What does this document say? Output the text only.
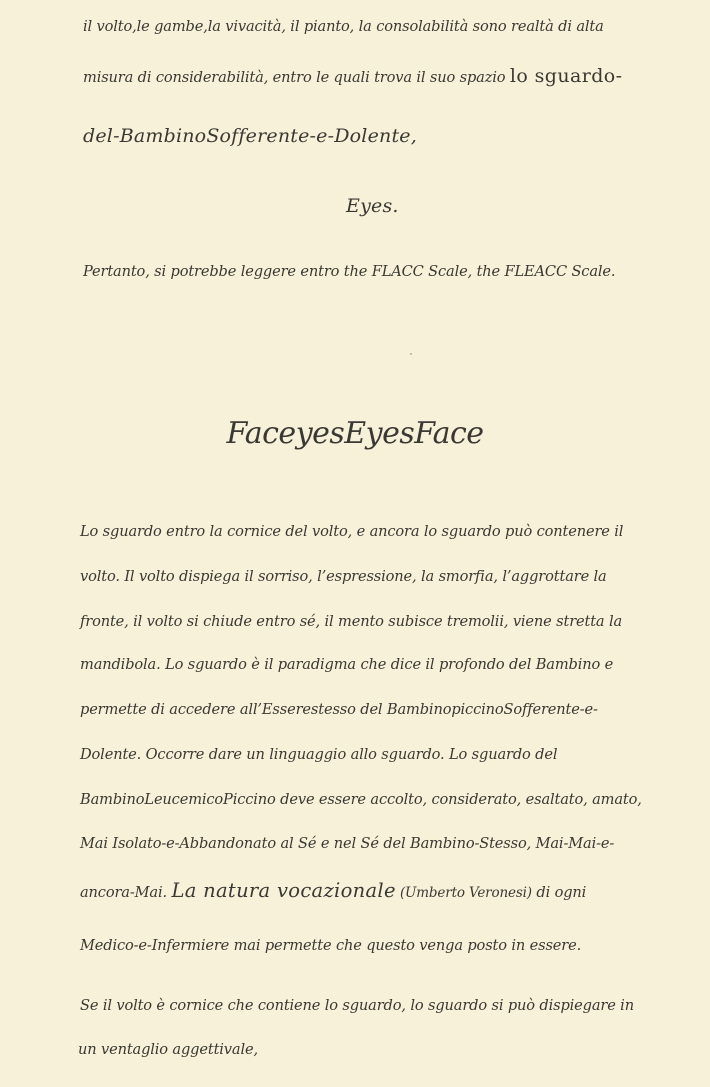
il volto,le gambe,la vivacità, il pianto, la consolabilità sono realtà di alta
misura di considerabilità, entro le quali trova il suo spazio lo sguardo-
del-BambinoSofferente-e-Dolente,
Eyes.
Pertanto, si potrebbe leggere entro the FLACC Scale, the FLEACC Scale.
FaceyesEyesFace
Lo sguardo entro la cornice del volto, e ancora lo sguardo può contenere il
volto. Il volto dispiega il sorriso, l’espressione, la smorfia, l’aggrottare la
fronte, il volto si chiude entro sé, il mento subisce tremolii, viene stretta la
mandibola. Lo sguardo è il paradigma che dice il profondo del Bambino e
permette di accedere all’Esserestesso del BambinopiccinoSofferente-e-
Dolente. Occorre dare un linguaggio allo sguardo. Lo sguardo del
BambinoLeucemicoPiccino deve essere accolto, considerato, esaltato, amato,
Mai Isolato-e-Abbandonato al Sé e nel Sé del Bambino-Stesso, Mai-Mai-e-
ancora-Mai. La natura vocazionale (Umberto Veronesi) di ogni
Medico-e-Infermiere mai permette che questo venga posto in essere.
Se il volto è cornice che contiene lo sguardo, lo sguardo si può dispiegare in
un ventaglio aggettivale,
